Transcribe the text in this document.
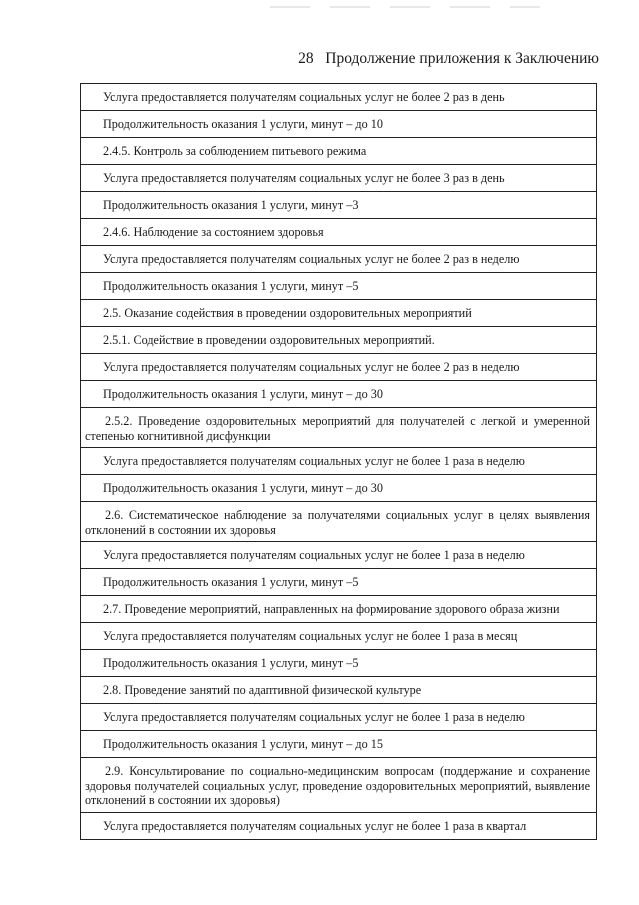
28 Продолжение приложения к Заключению
Услуга предоставляется получателям социальных услуг не более 2 раз в день
Продолжительность оказания 1 услуги, минут – до 10
2.4.5. Контроль за соблюдением питьевого режима
Услуга предоставляется получателям социальных услуг не более 3 раз в день
Продолжительность оказания 1 услуги, минут –3
2.4.6. Наблюдение за состоянием здоровья
Услуга предоставляется получателям социальных услуг не более 2 раз в неделю
Продолжительность оказания 1 услуги, минут –5
2.5. Оказание содействия в проведении оздоровительных мероприятий
2.5.1. Содействие в проведении оздоровительных мероприятий.
Услуга предоставляется получателям социальных услуг не более 2 раз в неделю
Продолжительность оказания 1 услуги, минут – до 30
2.5.2. Проведение оздоровительных мероприятий для получателей с легкой и умеренной степенью когнитивной дисфункции
Услуга предоставляется получателям социальных услуг не более 1 раза в неделю
Продолжительность оказания 1 услуги, минут – до 30
2.6. Систематическое наблюдение за получателями социальных услуг в целях выявления отклонений в состоянии их здоровья
Услуга предоставляется получателям социальных услуг не более 1 раза в неделю
Продолжительность оказания 1 услуги, минут –5
2.7. Проведение мероприятий, направленных на формирование здорового образа жизни
Услуга предоставляется получателям социальных услуг не более 1 раза в месяц
Продолжительность оказания 1 услуги, минут –5
2.8. Проведение занятий по адаптивной физической культуре
Услуга предоставляется получателям социальных услуг не более 1 раза в неделю
Продолжительность оказания 1 услуги, минут – до 15
2.9. Консультирование по социально-медицинским вопросам (поддержание и сохранение здоровья получателей социальных услуг, проведение оздоровительных мероприятий, выявление отклонений в состоянии их здоровья)
Услуга предоставляется получателям социальных услуг не более 1 раза в квартал
